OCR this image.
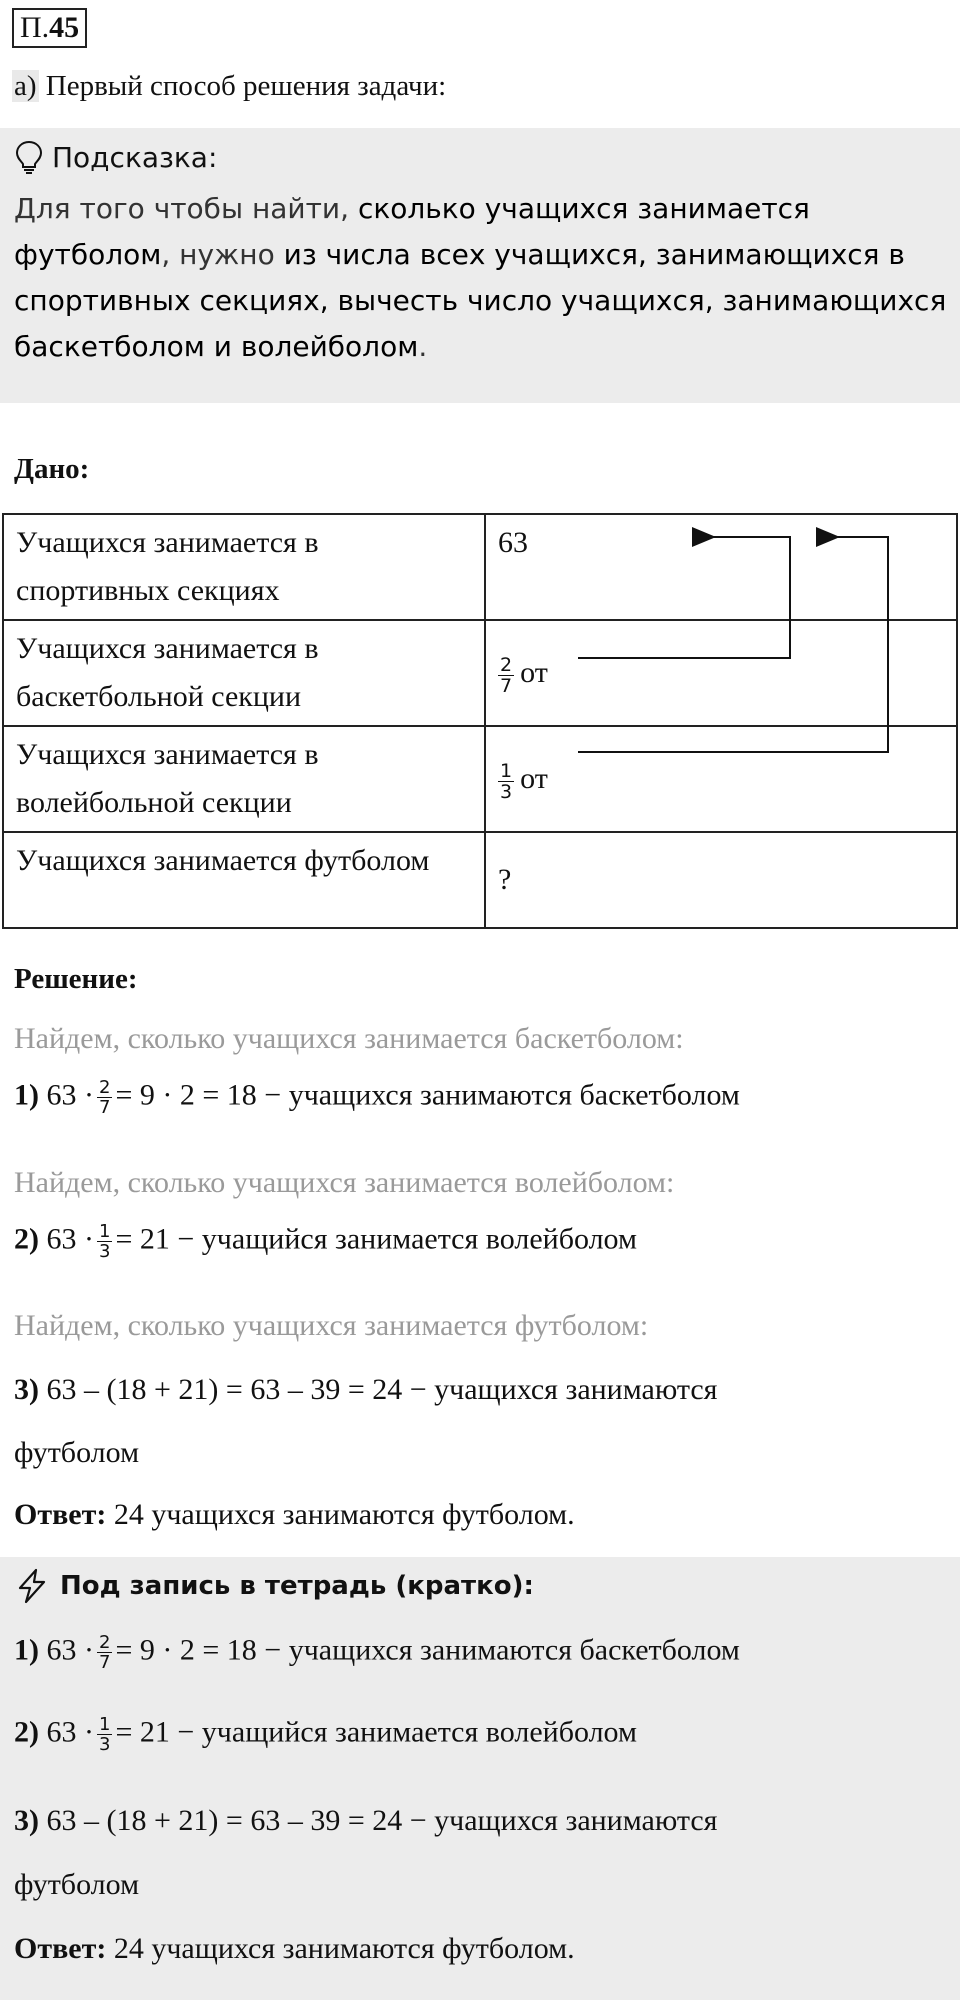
П.45
а) Первый способ решения задачи:
Подсказка:
Для того чтобы найти, сколько учащихся занимается футболом, нужно из числа всех учащихся, занимающихся в спортивных секциях, вычесть число учащихся, занимающихся баскетболом и волейболом.
Дано:
Учащихся занимается в спортивных секциях	63
Учащихся занимается в баскетбольной секции	$\frac{2}{7}$ от
Учащихся занимается в волейбольной секции	$\frac{1}{3}$ от
Учащихся занимается футболом	?
Решение:
Найдем, сколько учащихся занимается баскетболом:
1) $63 \cdot \frac{2}{7} = 9 \cdot 2 = 18$ − учащихся занимаются баскетболом
Найдем, сколько учащихся занимается волейболом:
2) $63 \cdot \frac{1}{3} = 21$ − учащийся занимается волейболом
Найдем, сколько учащихся занимается футболом:
3) 63 – (18 + 21) = 63 – 39 = 24 − учащихся занимаются
футболом
Ответ: 24 учащихся занимаются футболом.
Под запись в тетрадь (кратко):
1) $63 \cdot \frac{2}{7} = 9 \cdot 2 = 18$ − учащихся занимаются баскетболом
2) $63 \cdot \frac{1}{3} = 21$ − учащийся занимается волейболом
3) 63 – (18 + 21) = 63 – 39 = 24 − учащихся занимаются
футболом
Ответ: 24 учащихся занимаются футболом.
